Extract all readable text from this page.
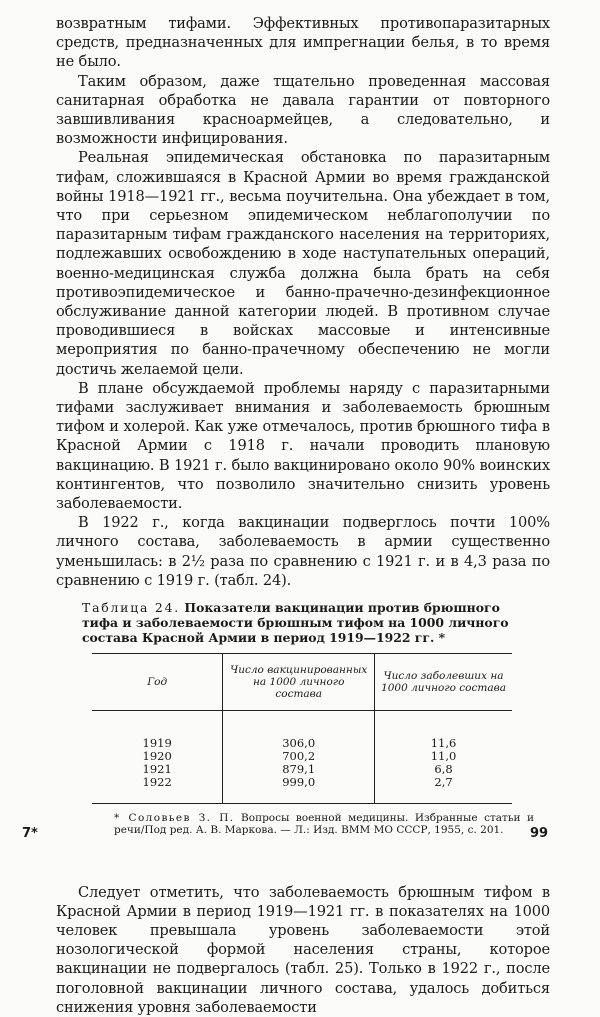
возвратным тифами. Эффективных противопаразитарных средств, предназначенных для импрегнации белья, в то время не было.

Таким образом, даже тщательно проведенная массовая санитарная обработка не давала гарантии от повторного завшивливания красноармейцев, а следовательно, и возможности инфицирования.

Реальная эпидемическая обстановка по паразитарным тифам, сложившаяся в Красной Армии во время гражданской войны 1918—1921 гг., весьма поучительна. Она убеждает в том, что при серьезном эпидемическом неблагополучии по паразитарным тифам гражданского населения на территориях, подлежавших освобождению в ходе наступательных операций, военно-медицинская служба должна была брать на себя противоэпидемическое и банно-прачечно-дезинфекционное обслуживание данной категории людей. В противном случае проводившиеся в войсках массовые и интенсивные мероприятия по банно-прачечному обеспечению не могли достичь желаемой цели.

В плане обсуждаемой проблемы наряду с паразитарными тифами заслуживает внимания и заболеваемость брюшным тифом и холерой. Как уже отмечалось, против брюшного тифа в Красной Армии с 1918 г. начали проводить плановую вакцинацию. В 1921 г. было вакцинировано около 90% воинских контингентов, что позволило значительно снизить уровень заболеваемости.

В 1922 г., когда вакцинации подверглось почти 100% личного состава, заболеваемость в армии существенно уменьшилась: в 2½ раза по сравнению с 1921 г. и в 4,3 раза по сравнению с 1919 г. (табл. 24).

Таблица 24. Показатели вакцинации против брюшного тифа и заболеваемости брюшным тифом на 1000 личного состава Красной Армии в период 1919—1922 гг. *
Год	Число вакцинированных на 1000 личного состава	Число заболевших на 1000 личного состава
1919	306,0	11,6
1920	700,2	11,0
1921	879,1	6,8
1922	999,0	2,7

* Соловьев З. П. Вопросы военной медицины. Избранные статьи и речи/Под ред. А. В. Маркова. — Л.: Изд. ВММ МО СССР, 1955, с. 201.

Следует отметить, что заболеваемость брюшным тифом в Красной Армии в период 1919—1921 гг. в показателях на 1000 человек превышала уровень заболеваемости этой нозологической формой населения страны, которое вакцинации не подвергалось (табл. 25). Только в 1922 г., после поголовной вакцинации личного состава, удалось добиться снижения уровня заболеваемости

7*	99
